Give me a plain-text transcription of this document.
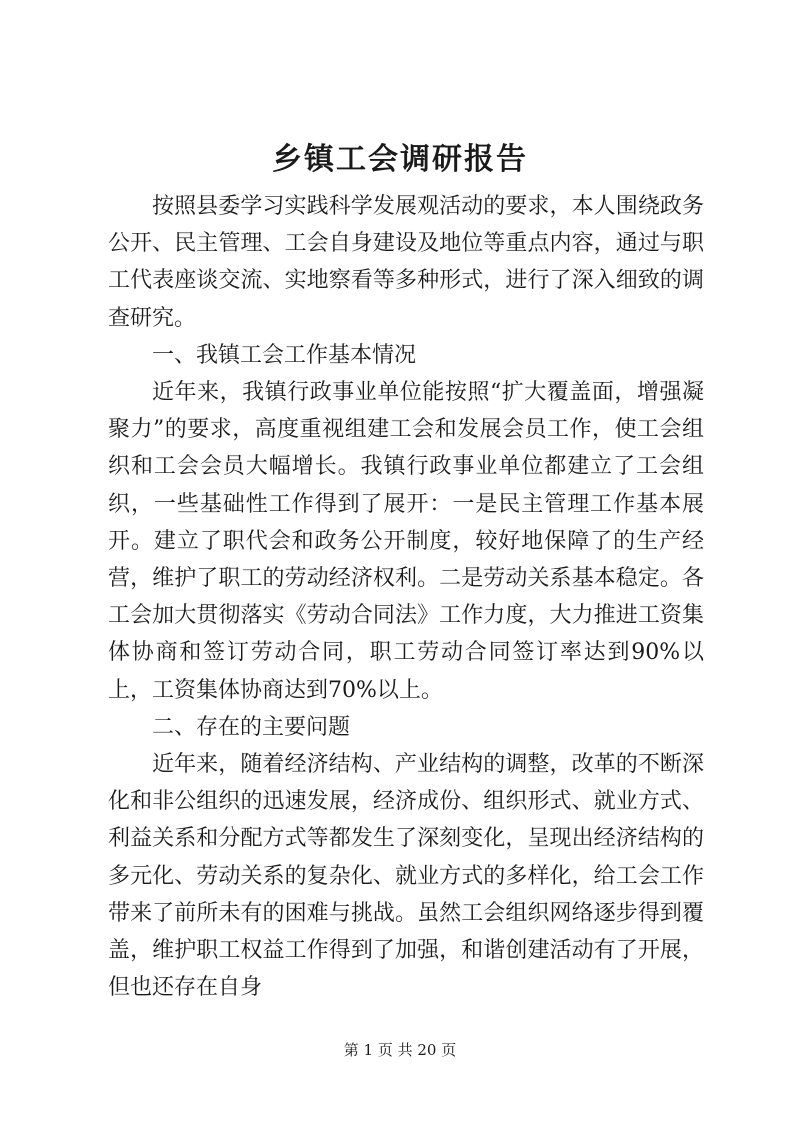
乡镇工会调研报告

按照县委学习实践科学发展观活动的要求，本人围绕政务公开、民主管理、工会自身建设及地位等重点内容，通过与职工代表座谈交流、实地察看等多种形式，进行了深入细致的调查研究。

一、我镇工会工作基本情况

近年来，我镇行政事业单位能按照“扩大覆盖面，增强凝聚力”的要求，高度重视组建工会和发展会员工作，使工会组织和工会会员大幅增长。我镇行政事业单位都建立了工会组织，一些基础性工作得到了展开：一是民主管理工作基本展开。建立了职代会和政务公开制度，较好地保障了的生产经营，维护了职工的劳动经济权利。二是劳动关系基本稳定。各工会加大贯彻落实《劳动合同法》工作力度，大力推进工资集体协商和签订劳动合同，职工劳动合同签订率达到90%以上，工资集体协商达到70%以上。

二、存在的主要问题

近年来，随着经济结构、产业结构的调整，改革的不断深化和非公组织的迅速发展，经济成份、组织形式、就业方式、利益关系和分配方式等都发生了深刻变化，呈现出经济结构的多元化、劳动关系的复杂化、就业方式的多样化，给工会工作带来了前所未有的困难与挑战。虽然工会组织网络逐步得到覆盖，维护职工权益工作得到了加强，和谐创建活动有了开展，但也还存在自身

第 1 页 共 20 页
